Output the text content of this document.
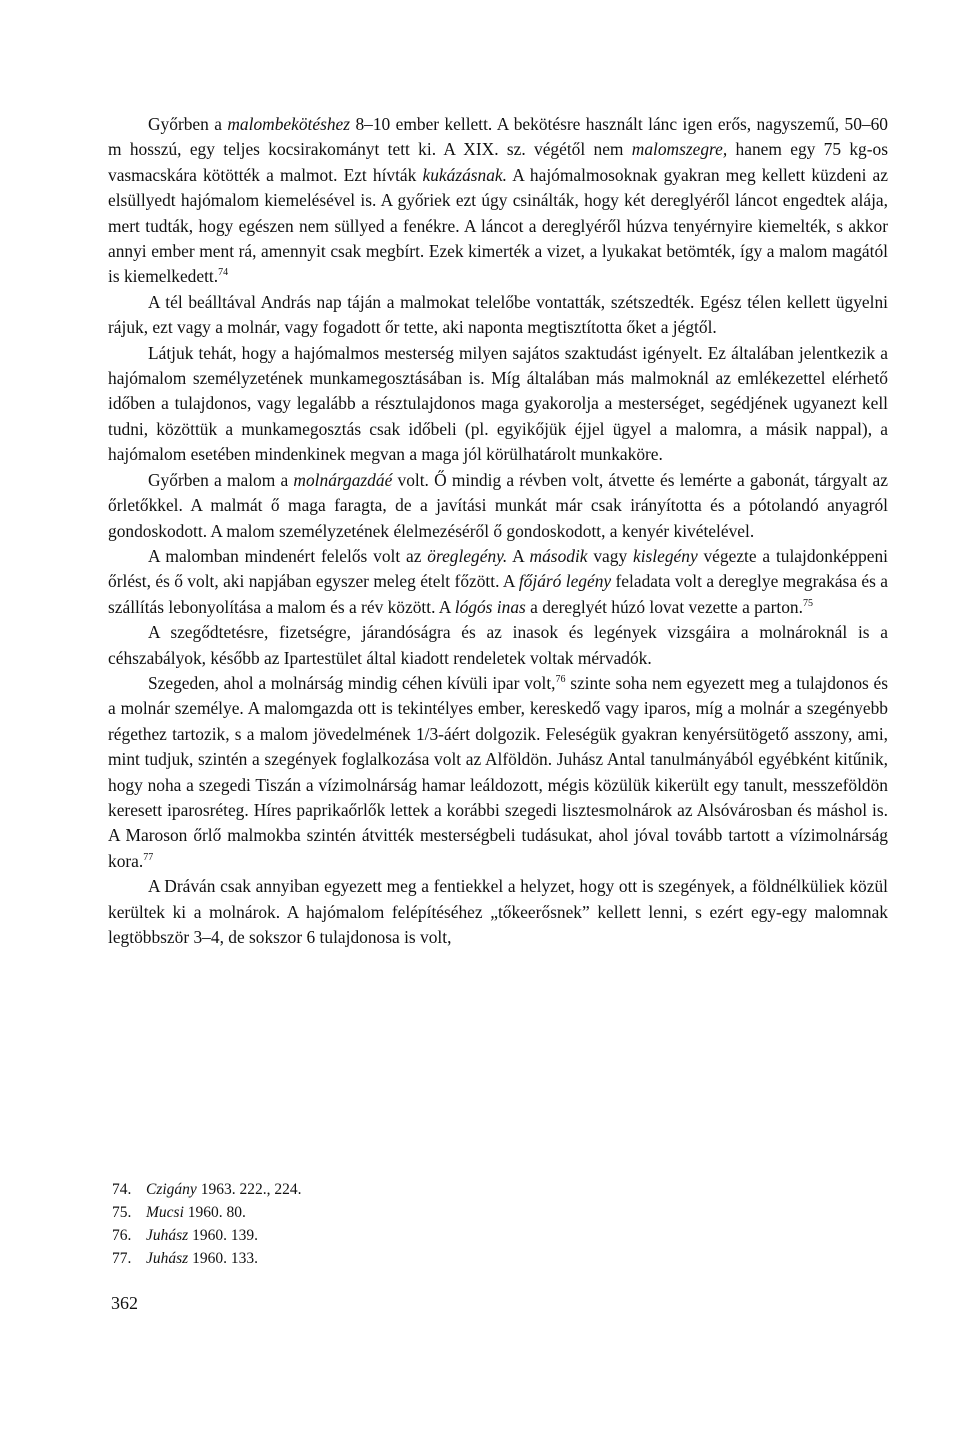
Győrben a malombekötéshez 8–10 ember kellett. A bekötésre használt lánc igen erős, nagyszemű, 50–60 m hosszú, egy teljes kocsirakományt tett ki. A XIX. sz. végétől nem malomszegre, hanem egy 75 kg-os vasmacskára kötötték a malmot. Ezt hívták kukázásnak. A hajómalmosoknak gyakran meg kellett küzdeni az elsüllyedt hajómalom kiemelésével is. A győriek ezt úgy csinálták, hogy két dereglyéről láncot engedtek alája, mert tudták, hogy egészen nem süllyed a fenékre. A láncot a dereglyéről húzva tenyérnyire kiemelték, s akkor annyi ember ment rá, amennyit csak megbírt. Ezek kimerték a vizet, a lyukakat betömték, így a malom magától is kiemelkedett.$^{74}$

A tél beálltával András nap táján a malmokat telelőbe vontatták, szétszedték. Egész télen kellett ügyelni rájuk, ezt vagy a molnár, vagy fogadott őr tette, aki naponta megtisztította őket a jégtől.

Látjuk tehát, hogy a hajómalmos mesterség milyen sajátos szaktudást igényelt. Ez általában jelentkezik a hajómalom személyzetének munkamegosztásában is. Míg általában más malmoknál az emlékezettel elérhető időben a tulajdonos, vagy legalább a résztulajdonos maga gyakorolja a mesterséget, segédjének ugyanezt kell tudni, közöttük a munkamegosztás csak időbeli (pl. egyikőjük éjjel ügyel a malomra, a másik nappal), a hajómalom esetében mindenkinek megvan a maga jól körülhatárolt munkaköre.

Győrben a malom a molnárgazdáé volt. Ő mindig a révben volt, átvette és lemérte a gabonát, tárgyalt az őrletőkkel. A malmát ő maga faragta, de a javítási munkát már csak irányította és a pótolandó anyagról gondoskodott. A malom személyzetének élelmezéséről ő gondoskodott, a kenyér kivételével.

A malomban mindenért felelős volt az öreglegény. A második vagy kislegény végezte a tulajdonképpeni őrlést, és ő volt, aki napjában egyszer meleg ételt főzött. A főjáró legény feladata volt a dereglye megrakása és a szállítás lebonyolítása a malom és a rév között. A lógós inas a dereglyét húzó lovat vezette a parton.$^{75}$

A szegődtetésre, fizetségre, járandóságra és az inasok és legények vizsgáira a molnároknál is a céhszabályok, később az Ipartestület által kiadott rendeletek voltak mérvadók.

Szegeden, ahol a molnárság mindig céhen kívüli ipar volt,$^{76}$ szinte soha nem egyezett meg a tulajdonos és a molnár személye. A malomgazda ott is tekintélyes ember, kereskedő vagy iparos, míg a molnár a szegényebb régethez tartozik, s a malom jövedelmének 1/3-áért dolgozik. Feleségük gyakran kenyérsütögető asszony, ami, mint tudjuk, szintén a szegények foglalkozása volt az Alföldön. Juhász Antal tanulmányából egyébként kitűnik, hogy noha a szegedi Tiszán a vízimolnárság hamar leáldozott, mégis közülük kikerült egy tanult, messzeföldön keresett iparosréteg. Híres paprikaőrlők lettek a korábbi szegedi lisztesmolnárok az Alsóvárosban és máshol is. A Maroson őrlő malmokba szintén átvitték mesterségbeli tudásukat, ahol jóval tovább tartott a vízimolnárság kora.$^{77}$

A Dráván csak annyiban egyezett meg a fentiekkel a helyzet, hogy ott is szegények, a földnélküliek közül kerültek ki a molnárok. A hajómalom felépítéséhez „tőkeerősnek” kellett lenni, s ezért egy-egy malomnak legtöbbször 3–4, de sokszor 6 tulajdonosa is volt,

74. Czigány 1963. 222., 224.
75. Mucsi 1960. 80.
76. Juhász 1960. 139.
77. Juhász 1960. 133.
362
